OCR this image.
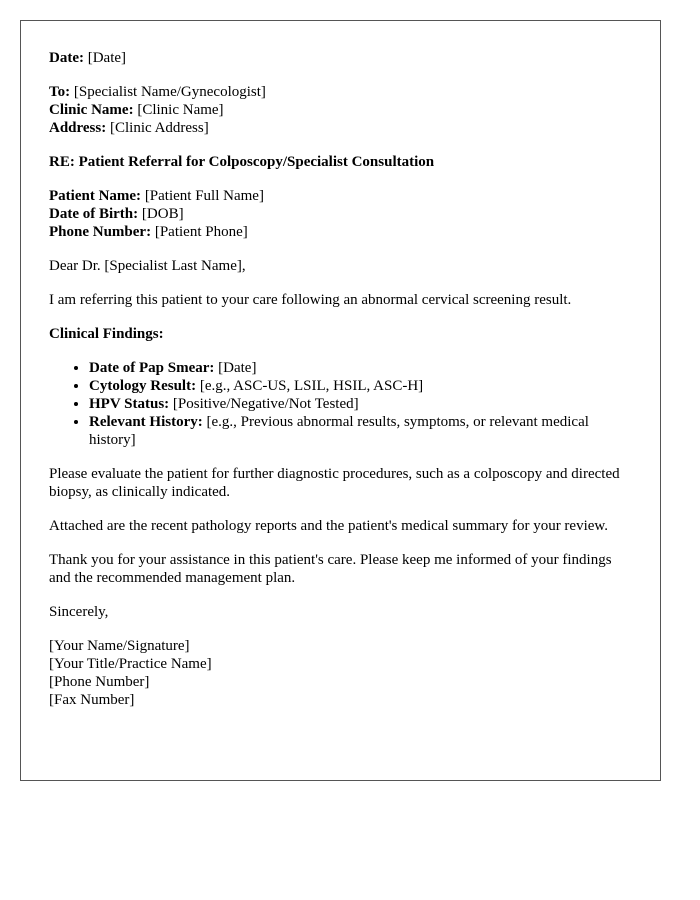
Date: [Date]
To: [Specialist Name/Gynecologist]
Clinic Name: [Clinic Name]
Address: [Clinic Address]
RE: Patient Referral for Colposcopy/Specialist Consultation
Patient Name: [Patient Full Name]
Date of Birth: [DOB]
Phone Number: [Patient Phone]

Dear Dr. [Specialist Last Name],

I am referring this patient to your care following an abnormal cervical screening result.

Clinical Findings:
• Date of Pap Smear: [Date]
• Cytology Result: [e.g., ASC-US, LSIL, HSIL, ASC-H]
• HPV Status: [Positive/Negative/Not Tested]
• Relevant History: [e.g., Previous abnormal results, symptoms, or relevant medical history]

Please evaluate the patient for further diagnostic procedures, such as a colposcopy and directed biopsy, as clinically indicated.

Attached are the recent pathology reports and the patient's medical summary for your review.

Thank you for your assistance in this patient's care. Please keep me informed of your findings and the recommended management plan.

Sincerely,

[Your Name/Signature]
[Your Title/Practice Name]
[Phone Number]
[Fax Number]
